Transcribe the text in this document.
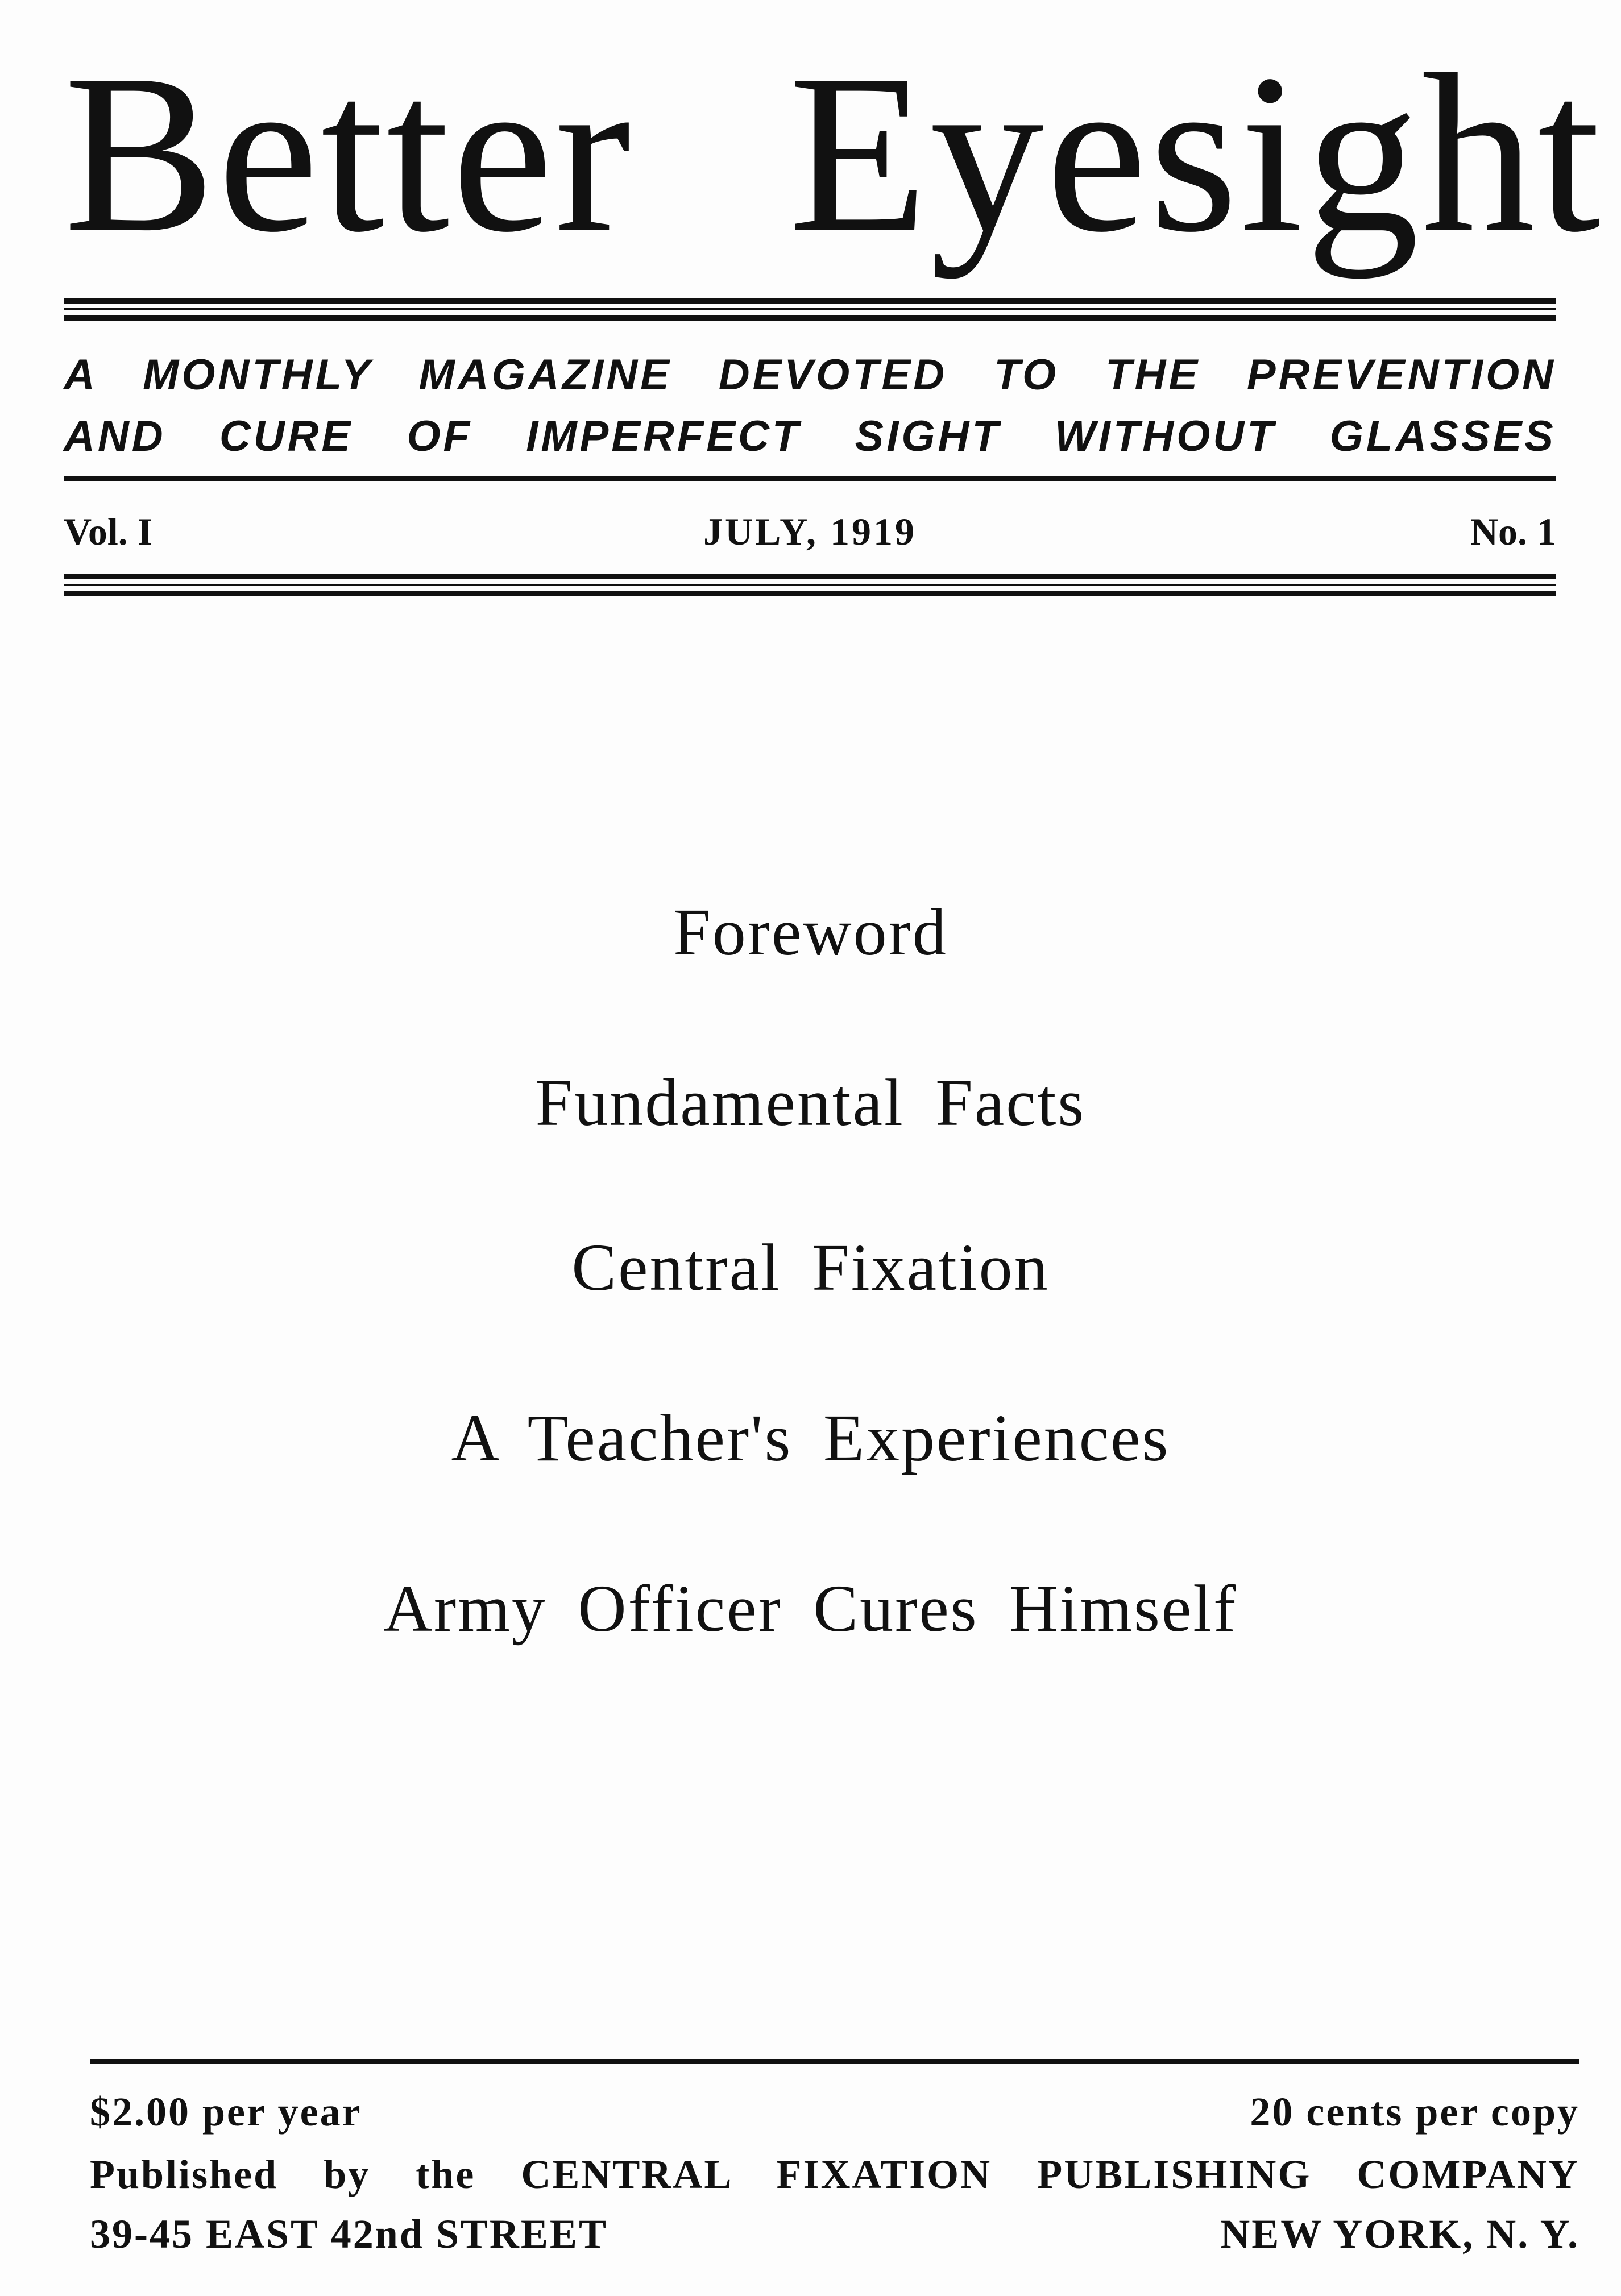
Better Eyesight
A MONTHLY MAGAZINE DEVOTED TO THE PREVENTION
AND CURE OF IMPERFECT SIGHT WITHOUT GLASSES
JULY, 1919
Vol. I	No. 1
Foreword
Fundamental Facts
Central Fixation
A Teacher's Experiences
Army Officer Cures Himself
$2.00 per year	20 cents per copy
Published by the CENTRAL FIXATION PUBLISHING COMPANY
39-45 EAST 42nd STREET	NEW YORK, N. Y.
